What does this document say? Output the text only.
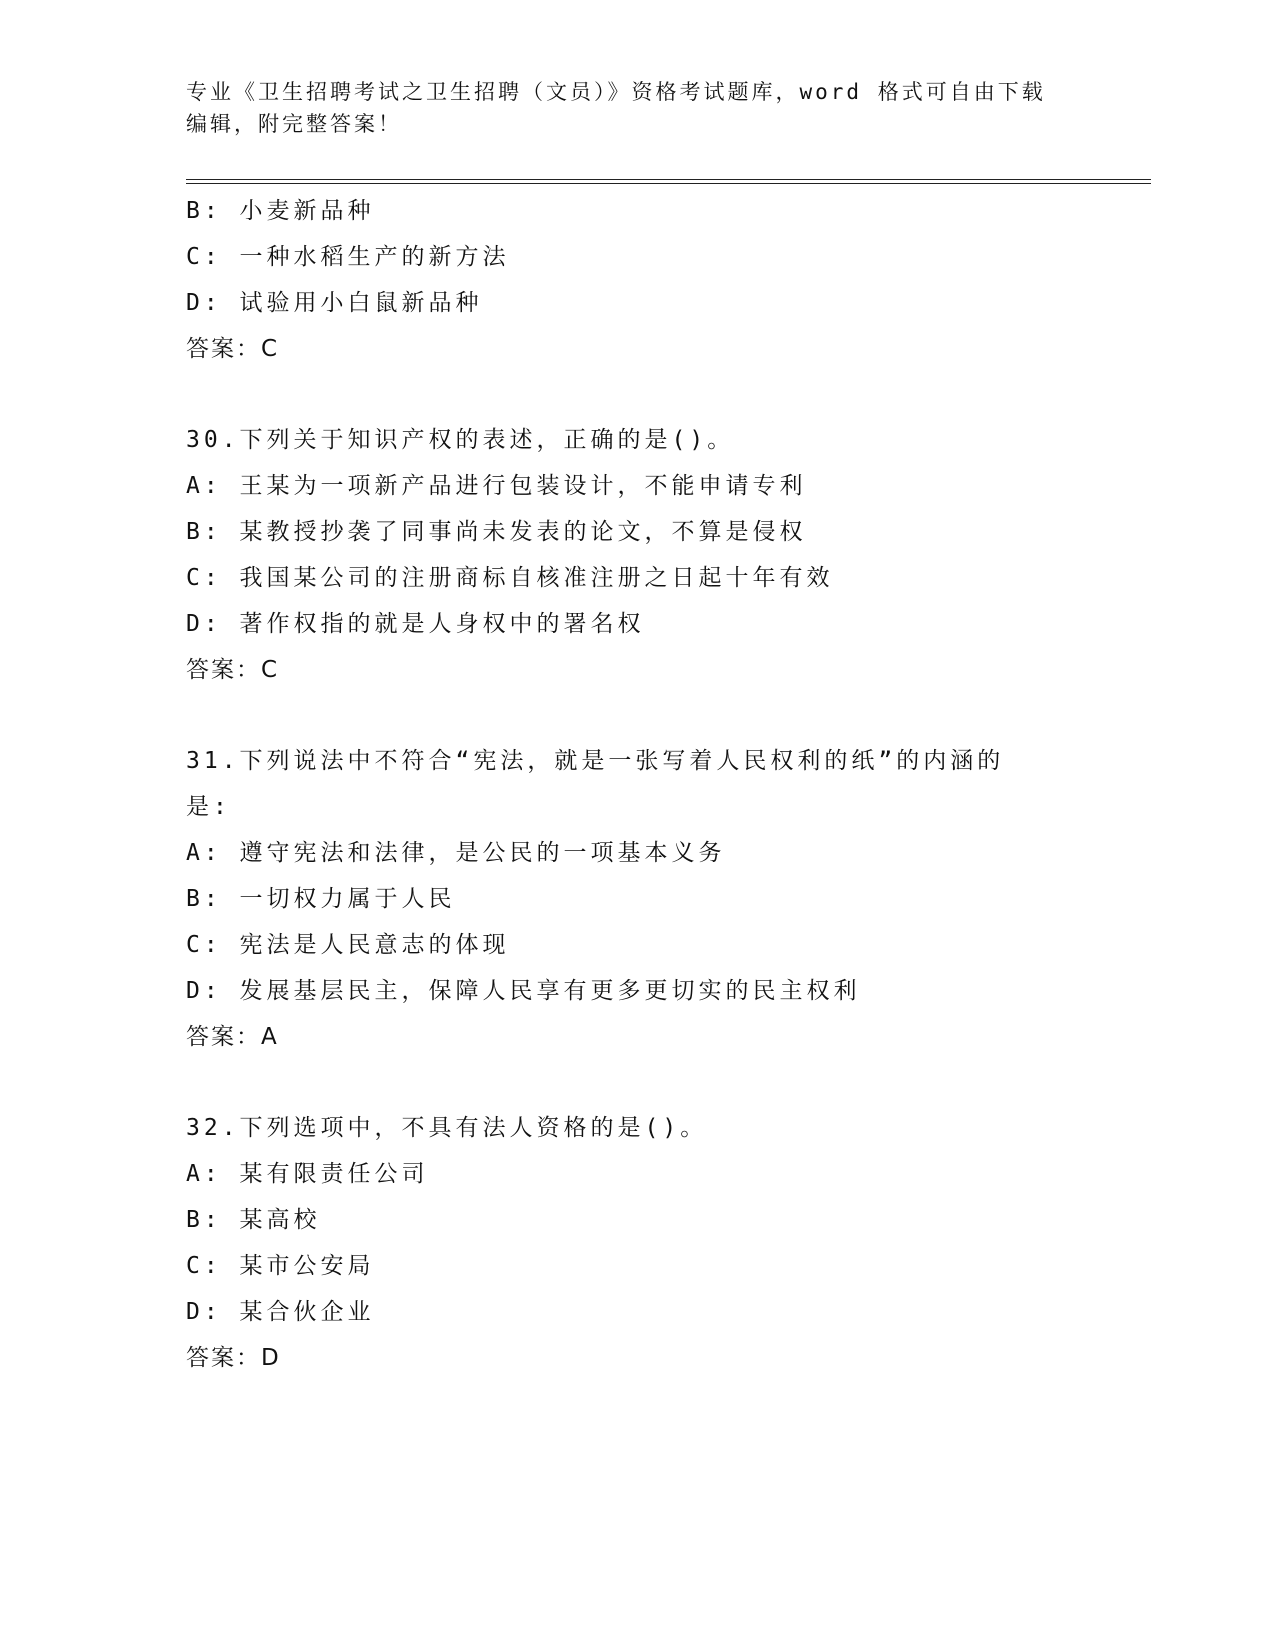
专业《卫生招聘考试之卫生招聘（文员）》资格考试题库，word 格式可自由下载
编辑，附完整答案！
B: 小麦新品种
C: 一种水稻生产的新方法
D: 试验用小白鼠新品种
答案：C
30.下列关于知识产权的表述，正确的是()。
A: 王某为一项新产品进行包装设计，不能申请专利
B: 某教授抄袭了同事尚未发表的论文，不算是侵权
C: 我国某公司的注册商标自核准注册之日起十年有效
D: 著作权指的就是人身权中的署名权
答案：C
31.下列说法中不符合“宪法，就是一张写着人民权利的纸”的内涵的
是:
A: 遵守宪法和法律，是公民的一项基本义务
B: 一切权力属于人民
C: 宪法是人民意志的体现
D: 发展基层民主，保障人民享有更多更切实的民主权利
答案：A
32.下列选项中，不具有法人资格的是()。
A: 某有限责任公司
B: 某高校
C: 某市公安局
D: 某合伙企业
答案：D
